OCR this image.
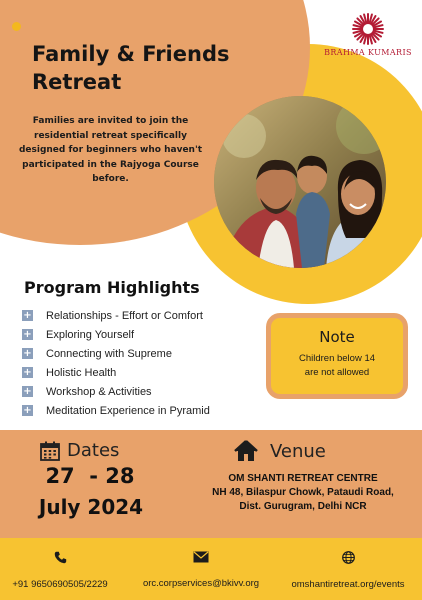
BRAHMA KUMARIS
Family & Friends
Retreat
Families are invited to join the residential retreat specifically designed for beginners who haven't participated in the Rajyoga Course before.
Program Highlights
+ Relationships - Effort or Comfort
+ Exploring Yourself
+ Connecting with Supreme
+ Holistic Health
+ Workshop & Activities
+ Meditation Experience in Pyramid
Note
Children below 14
are not allowed
Dates
27  - 28
July 2024
Venue
OM SHANTI RETREAT CENTRE
NH 48, Bilaspur Chowk, Pataudi Road,
Dist. Gurugram, Delhi NCR
+91 9650690505/2229	orc.corpservices@bkivv.org	omshantiretreat.org/events
